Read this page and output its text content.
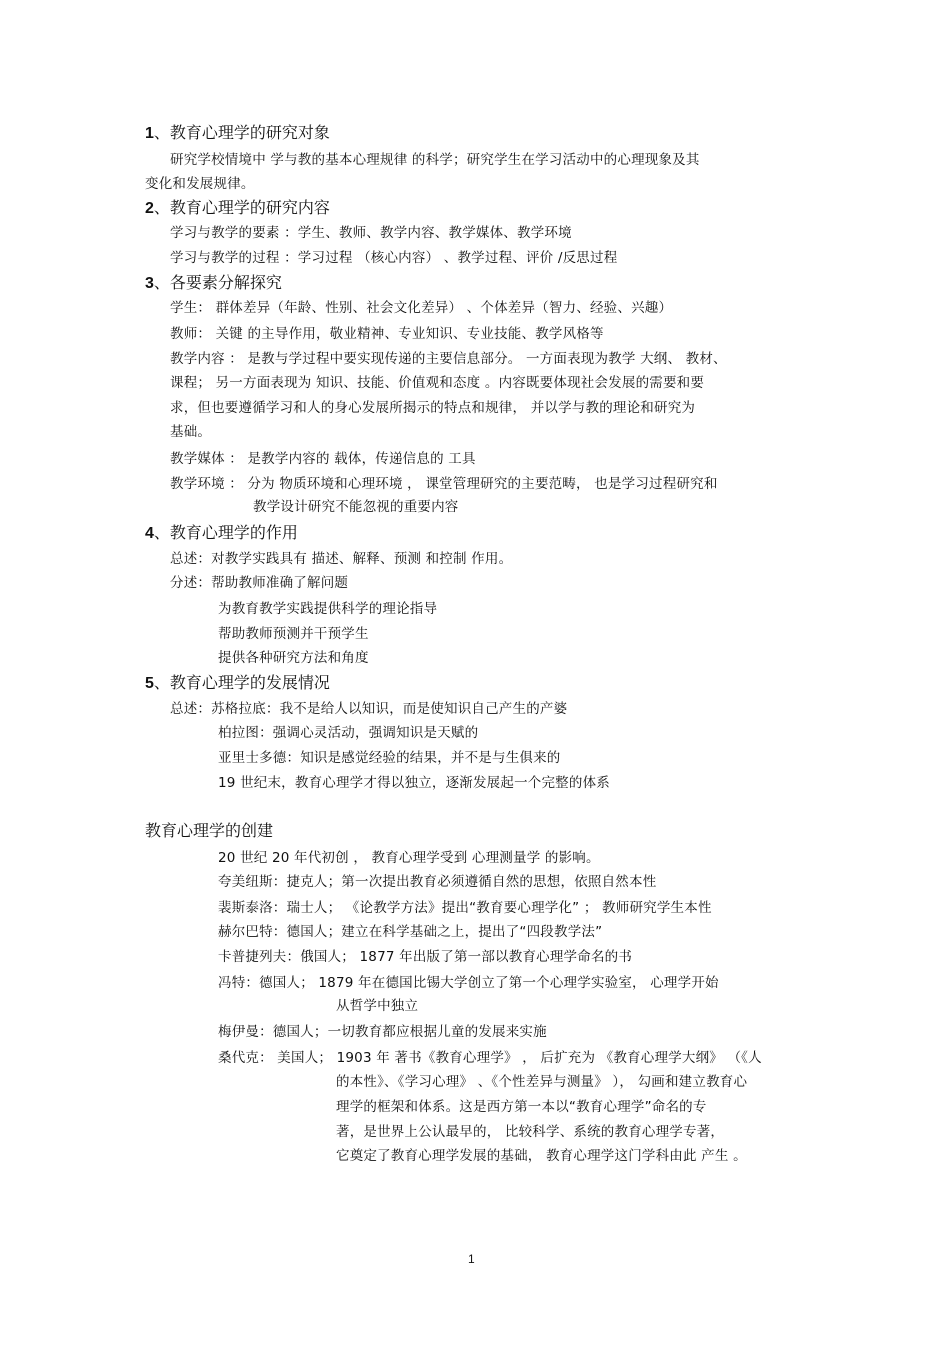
1、教育心理学的研究对象
研究学校情境中 学与教的基本心理规律 的科学；研究学生在学习活动中的心理现象及其
变化和发展规律。
2、教育心理学的研究内容
学习与教学的要素 ：学生、教师、教学内容、教学媒体、教学环境
学习与教学的过程 ：学习过程 （核心内容） 、教学过程、评价 /反思过程
3、各要素分解探究
学生： 群体差异（年龄、性别、社会文化差异） 、个体差异（智力、经验、兴趣）
教师： 关键 的主导作用，敬业精神、专业知识、专业技能、教学风格等
教学内容 ： 是教与学过程中要实现传递的主要信息部分。 一方面表现为教学 大纲、 教材、
课程； 另一方面表现为 知识、技能、价值观和态度 。内容既要体现社会发展的需要和要
求，但也要遵循学习和人的身心发展所揭示的特点和规律， 并以学与教的理论和研究为
基础。
教学媒体 ： 是教学内容的 载体，传递信息的 工具
教学环境 ： 分为 物质环境和心理环境 ， 课堂管理研究的主要范畴， 也是学习过程研究和
教学设计研究不能忽视的重要内容
4、教育心理学的作用
总述：对教学实践具有 描述、解释、预测 和控制 作用。
分述：帮助教师准确了解问题
为教育教学实践提供科学的理论指导
帮助教师预测并干预学生
提供各种研究方法和角度
5、教育心理学的发展情况
总述：苏格拉底：我不是给人以知识，而是使知识自己产生的产婆
柏拉图：强调心灵活动，强调知识是天赋的
亚里士多德：知识是感觉经验的结果，并不是与生俱来的
19 世纪末，教育心理学才得以独立，逐渐发展起一个完整的体系
教育心理学的创建
20 世纪 20 年代初创 ， 教育心理学受到 心理测量学 的影响。
夸美纽斯：捷克人；第一次提出教育必须遵循自然的思想，依照自然本性
裴斯泰洛：瑞士人； 《论教学方法》提出“教育要心理学化” ； 教师研究学生本性
赫尔巴特：德国人；建立在科学基础之上，提出了“四段教学法”
卡普捷列夫：俄国人； 1877 年出版了第一部以教育心理学命名的书
冯特：德国人； 1879 年在德国比锡大学创立了第一个心理学实验室， 心理学开始
从哲学中独立
梅伊曼：德国人；一切教育都应根据儿童的发展来实施
桑代克： 美国人； 1903 年 著书《教育心理学》 ， 后扩充为 《教育心理学大纲》 （《人
的本性》、《学习心理》 、《个性差异与测量》 ）， 勾画和建立教育心
理学的框架和体系。这是西方第一本以“教育心理学”命名的专
著，是世界上公认最早的， 比较科学、系统的教育心理学专著，
它奠定了教育心理学发展的基础， 教育心理学这门学科由此 产生 。
1
